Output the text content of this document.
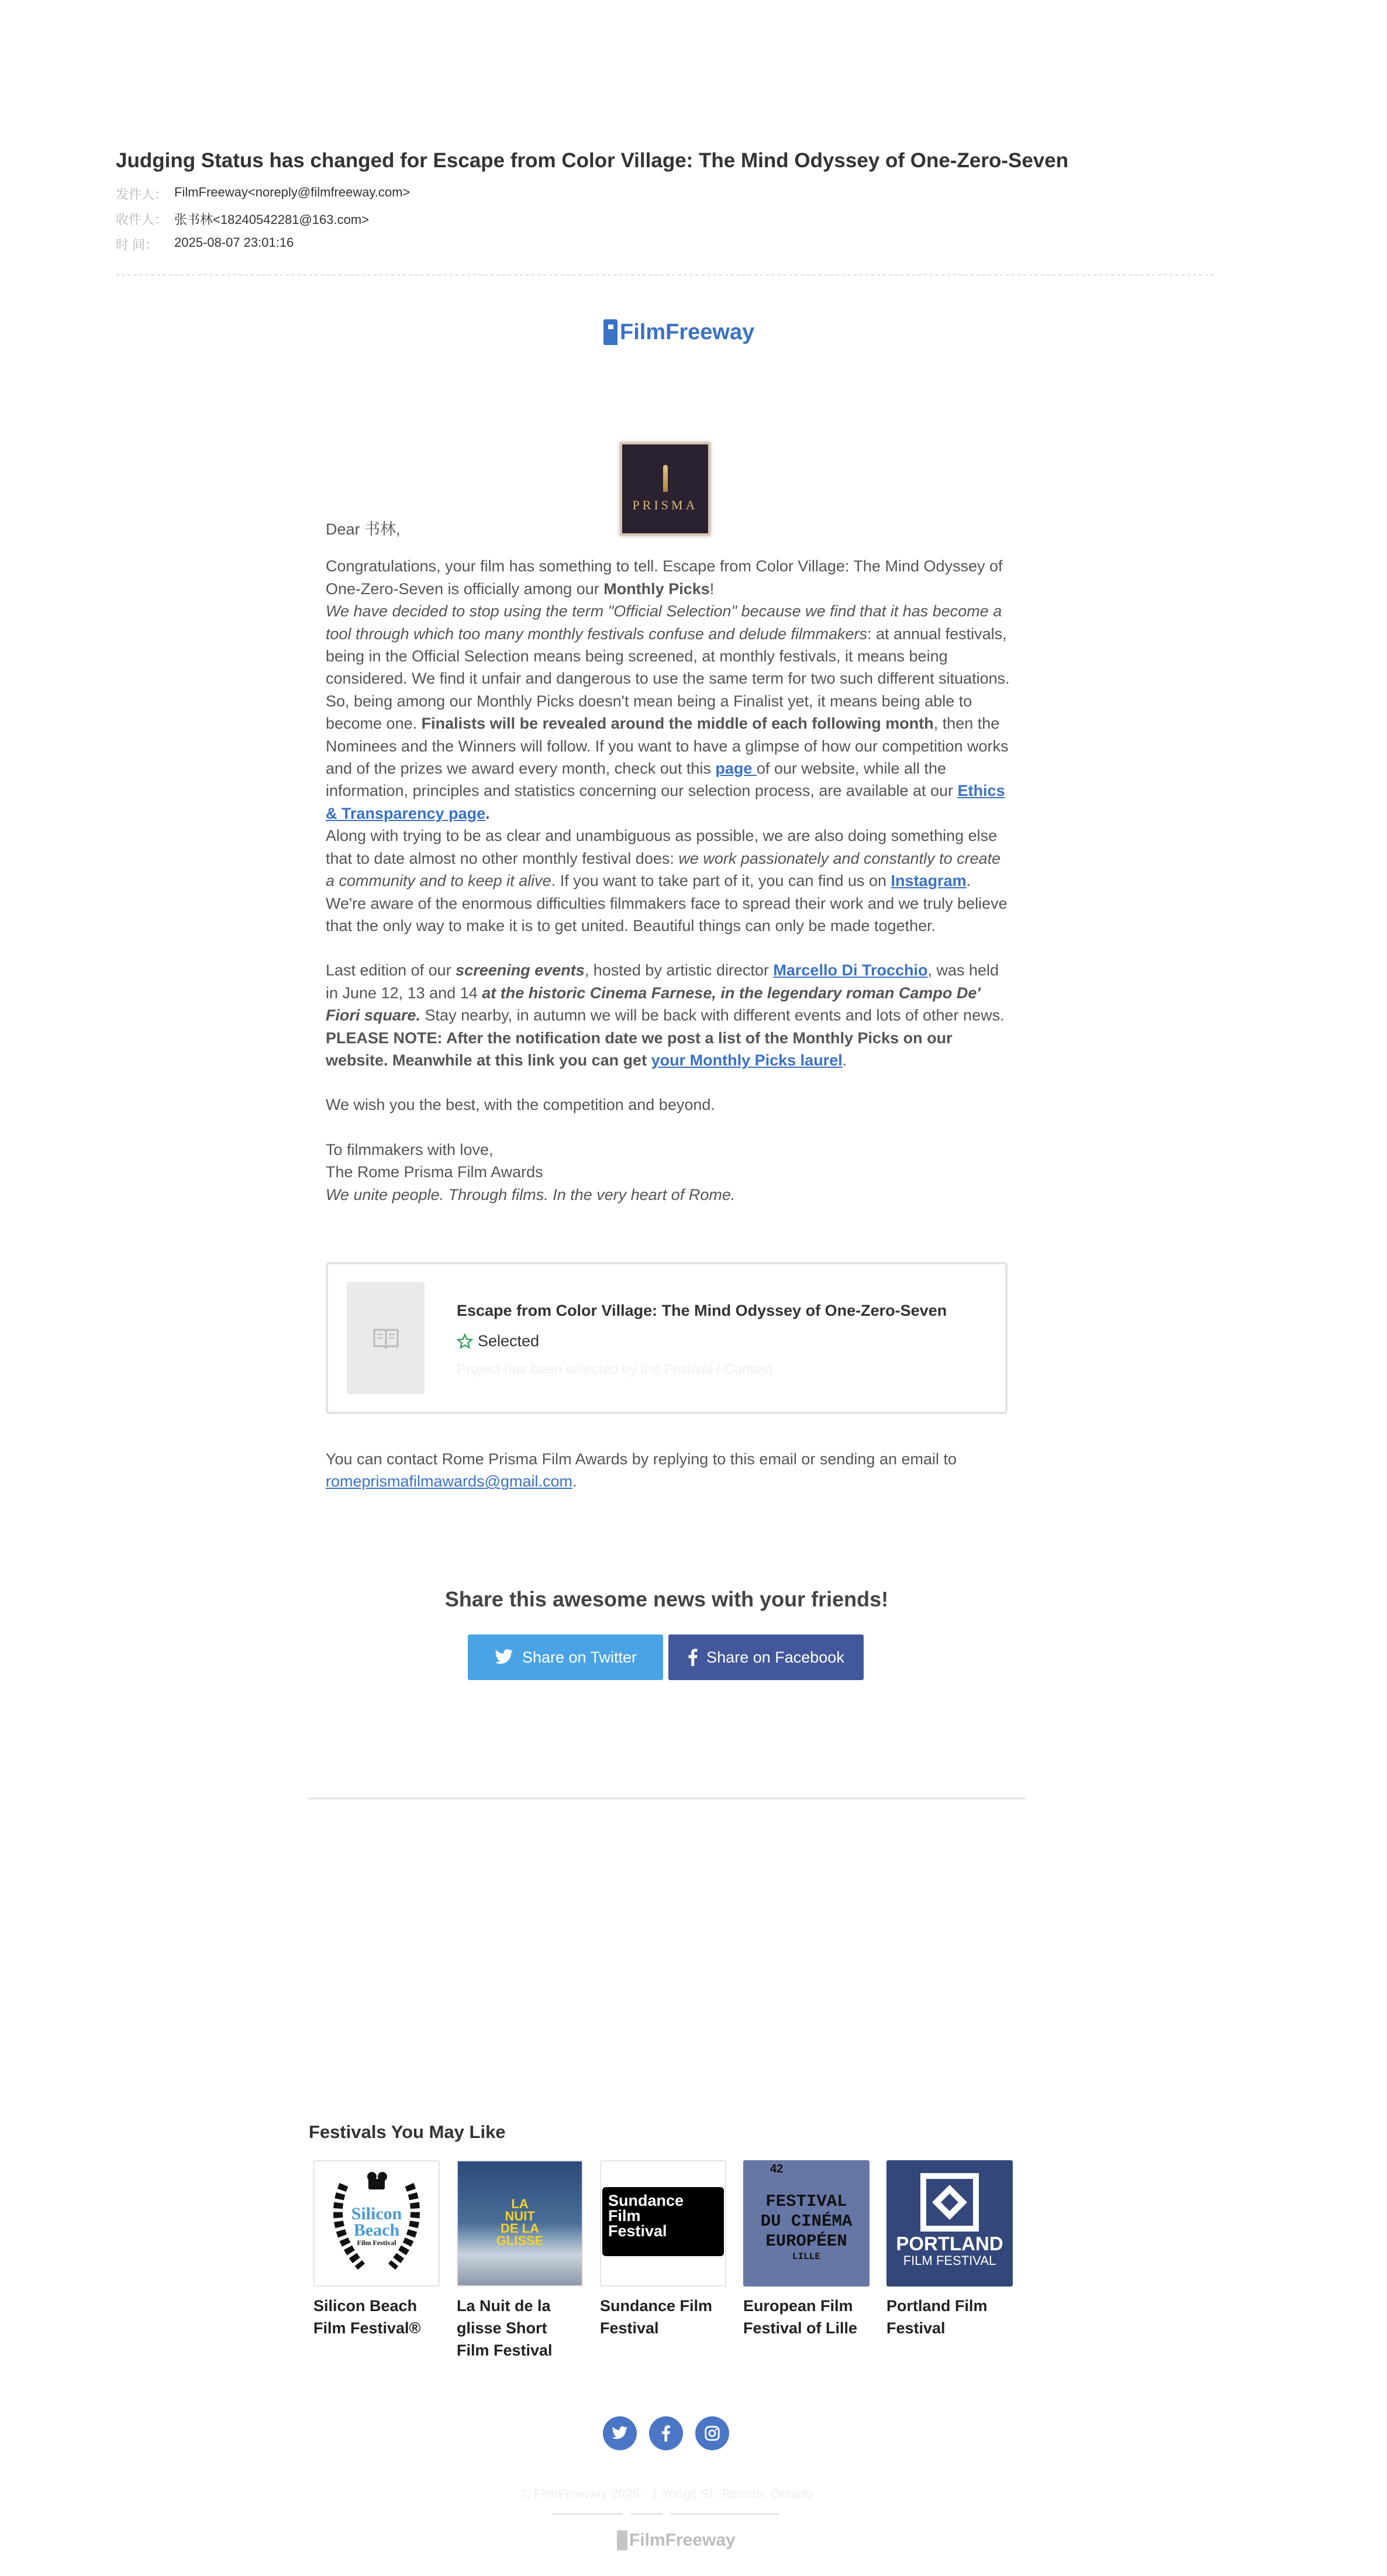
Judging Status has changed for Escape from Color Village: The Mind Odyssey of One-Zero-Seven
发件人： FilmFreeway<noreply@filmfreeway.com>
收件人： 张书林<18240542281@163.com>
时 间：	2025-08-07 23:01:16
FilmFreeway
PRISMA

Dear 书林,

Congratulations, your film has something to tell. Escape from Color Village: The Mind Odyssey of One-Zero-Seven is officially among our Monthly Picks!

We have decided to stop using the term "Official Selection" because we find that it has become a tool through which too many monthly festivals confuse and delude filmmakers: at annual festivals, being in the Official Selection means being screened, at monthly festivals, it means being considered. We find it unfair and dangerous to use the same term for two such different situations.

So, being among our Monthly Picks doesn't mean being a Finalist yet, it means being able to become one. Finalists will be revealed around the middle of each following month, then the Nominees and the Winners will follow. If you want to have a glimpse of how our competition works and of the prizes we award every month, check out this page of our website, while all the information, principles and statistics concerning our selection process, are available at our Ethics & Transparency page.

Along with trying to be as clear and unambiguous as possible, we are also doing something else that to date almost no other monthly festival does: we work passionately and constantly to create a community and to keep it alive. If you want to take part of it, you can find us on Instagram. We're aware of the enormous difficulties filmmakers face to spread their work and we truly believe that the only way to make it is to get united. Beautiful things can only be made together.

Last edition of our screening events, hosted by artistic director Marcello Di Trocchio, was held in June 12, 13 and 14 at the historic Cinema Farnese, in the legendary roman Campo De' Fiori square. Stay nearby, in autumn we will be back with different events and lots of other news. PLEASE NOTE: After the notification date we post a list of the Monthly Picks on our website. Meanwhile at this link you can get your Monthly Picks laurel.

We wish you the best, with the competition and beyond.

To filmmakers with love,

The Rome Prisma Film Awards

We unite people. Through films. In the very heart of Rome.

Escape from Color Village: The Mind Odyssey of One-Zero-Seven
Selected
Project has been selected by the Festival / Contest

You can contact Rome Prisma Film Awards by replying to this email or sending an email to romeprismafilmawards@gmail.com.

Share this awesome news with your friends!
Share on Twitter	Share on Facebook
Festivals You May Like
Silicon
Beach
Film Festival
Silicon Beach Film Festival®
LA
NUIT
DE LA
GLISSE
La Nuit de la glisse Short Film Festival
Sundance
Film
Festival
Sundance Film Festival
42
FESTIVAL
DU CINÉMA
EUROPÉEN
LILLE
European Film Festival of Lille
PORTLAND
FILM FESTIVAL
Portland Film Festival
© FilmFreeway 2025 · 1 Yonge St, Toronto, Ontario
FilmFreeway
